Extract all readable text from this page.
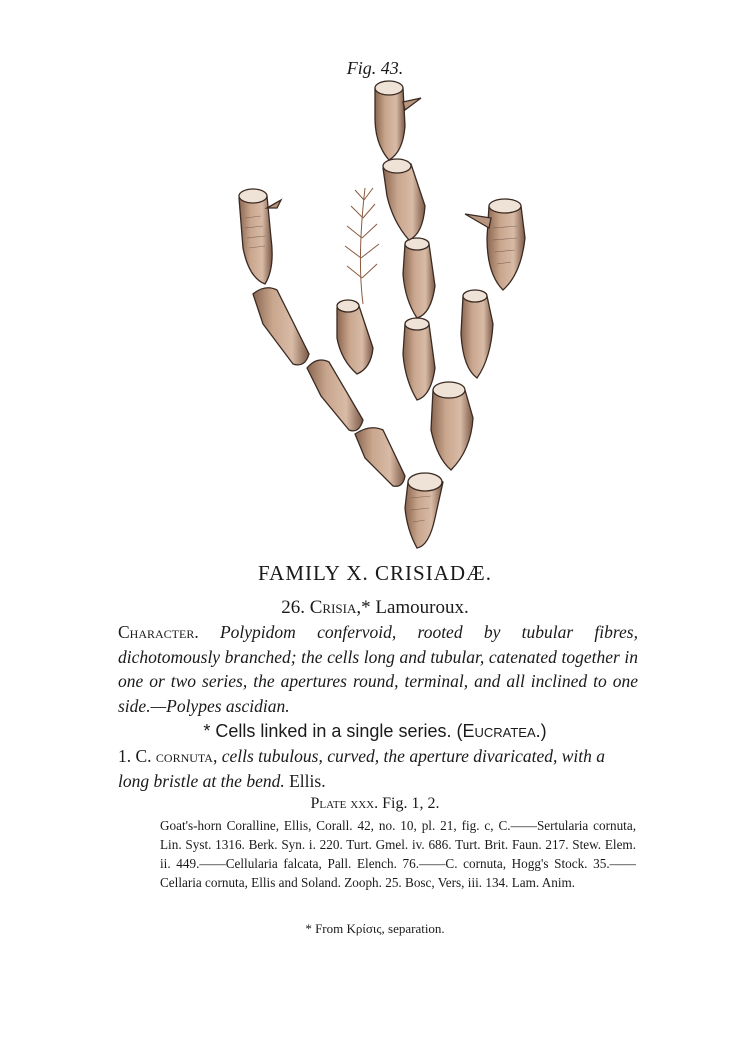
Fig. 43.
FAMILY X. CRISIADÆ.
26. Crisia,* Lamouroux.
Character. Polypidom confervoid, rooted by tubular fibres, dichotomously branched; the cells long and tubular, catenated together in one or two series, the apertures round, terminal, and all inclined to one side.—Polypes ascidian.
* Cells linked in a single series. (Eucratea.)
1. C. cornuta, cells tubulous, curved, the aperture divaricated, with a long bristle at the bend. Ellis.
Plate xxx. Fig. 1, 2.
Goat's-horn Coralline, Ellis, Corall. 42, no. 10, pl. 21, fig. c, C.——Sertularia cornuta, Lin. Syst. 1316. Berk. Syn. i. 220. Turt. Gmel. iv. 686. Turt. Brit. Faun. 217. Stew. Elem. ii. 449.——Cellularia falcata, Pall. Elench. 76.——C. cornuta, Hogg's Stock. 35.——Cellaria cornuta, Ellis and Soland. Zooph. 25. Bosc, Vers, iii. 134. Lam. Anim.
* From Κρίσις, separation.
